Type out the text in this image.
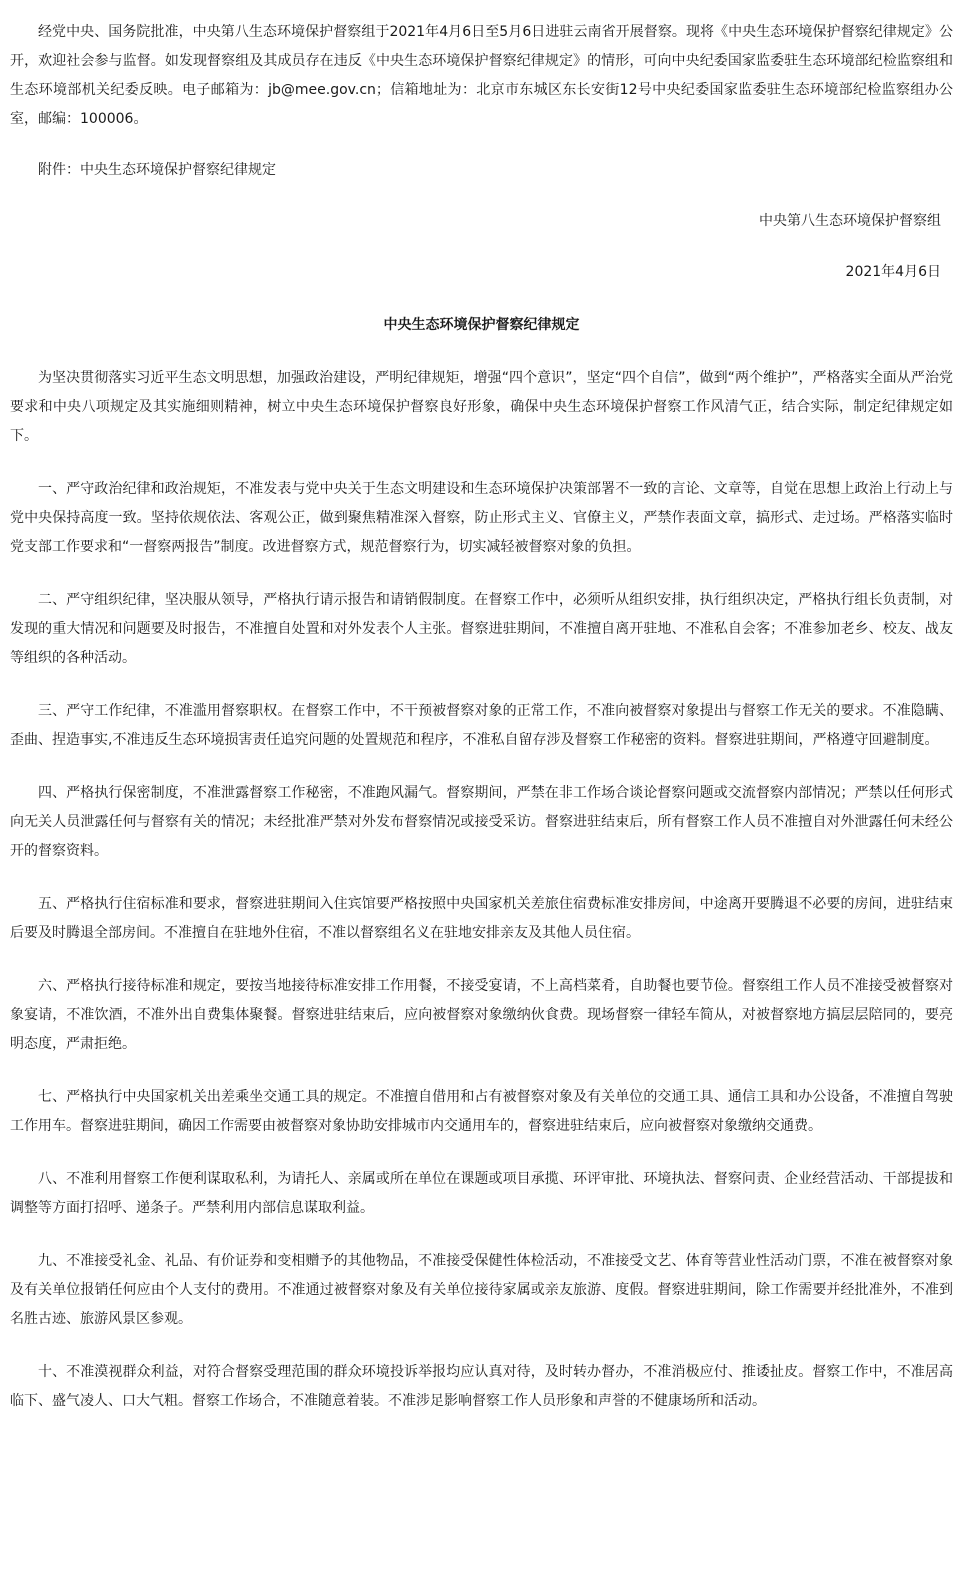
经党中央、国务院批准，中央第八生态环境保护督察组于2021年4月6日至5月6日进驻云南省开展督察。现将《中央生态环境保护督察纪律规定》公开，欢迎社会参与监督。如发现督察组及其成员存在违反《中央生态环境保护督察纪律规定》的情形，可向中央纪委国家监委驻生态环境部纪检监察组和生态环境部机关纪委反映。电子邮箱为：jb@mee.gov.cn；信箱地址为：北京市东城区东长安街12号中央纪委国家监委驻生态环境部纪检监察组办公室，邮编：100006。

附件：中央生态环境保护督察纪律规定

中央第八生态环境保护督察组

2021年4月6日

中央生态环境保护督察纪律规定

为坚决贯彻落实习近平生态文明思想，加强政治建设，严明纪律规矩，增强“四个意识”，坚定“四个自信”，做到“两个维护”，严格落实全面从严治党要求和中央八项规定及其实施细则精神，树立中央生态环境保护督察良好形象，确保中央生态环境保护督察工作风清气正，结合实际，制定纪律规定如下。

一、严守政治纪律和政治规矩，不准发表与党中央关于生态文明建设和生态环境保护决策部署不一致的言论、文章等，自觉在思想上政治上行动上与党中央保持高度一致。坚持依规依法、客观公正，做到聚焦精准深入督察，防止形式主义、官僚主义，严禁作表面文章，搞形式、走过场。严格落实临时党支部工作要求和“一督察两报告”制度。改进督察方式，规范督察行为，切实减轻被督察对象的负担。

二、严守组织纪律，坚决服从领导，严格执行请示报告和请销假制度。在督察工作中，必须听从组织安排，执行组织决定，严格执行组长负责制，对发现的重大情况和问题要及时报告，不准擅自处置和对外发表个人主张。督察进驻期间，不准擅自离开驻地、不准私自会客；不准参加老乡、校友、战友等组织的各种活动。

三、严守工作纪律，不准滥用督察职权。在督察工作中，不干预被督察对象的正常工作，不准向被督察对象提出与督察工作无关的要求。不准隐瞒、歪曲、捏造事实,不准违反生态环境损害责任追究问题的处置规范和程序，不准私自留存涉及督察工作秘密的资料。督察进驻期间，严格遵守回避制度。

四、严格执行保密制度，不准泄露督察工作秘密，不准跑风漏气。督察期间，严禁在非工作场合谈论督察问题或交流督察内部情况；严禁以任何形式向无关人员泄露任何与督察有关的情况；未经批准严禁对外发布督察情况或接受采访。督察进驻结束后，所有督察工作人员不准擅自对外泄露任何未经公开的督察资料。

五、严格执行住宿标准和要求，督察进驻期间入住宾馆要严格按照中央国家机关差旅住宿费标准安排房间，中途离开要腾退不必要的房间，进驻结束后要及时腾退全部房间。不准擅自在驻地外住宿，不准以督察组名义在驻地安排亲友及其他人员住宿。

六、严格执行接待标准和规定，要按当地接待标准安排工作用餐，不接受宴请，不上高档菜肴，自助餐也要节俭。督察组工作人员不准接受被督察对象宴请，不准饮酒，不准外出自费集体聚餐。督察进驻结束后，应向被督察对象缴纳伙食费。现场督察一律轻车简从，对被督察地方搞层层陪同的，要亮明态度，严肃拒绝。

七、严格执行中央国家机关出差乘坐交通工具的规定。不准擅自借用和占有被督察对象及有关单位的交通工具、通信工具和办公设备，不准擅自驾驶工作用车。督察进驻期间，确因工作需要由被督察对象协助安排城市内交通用车的，督察进驻结束后，应向被督察对象缴纳交通费。

八、不准利用督察工作便利谋取私利，为请托人、亲属或所在单位在课题或项目承揽、环评审批、环境执法、督察问责、企业经营活动、干部提拔和调整等方面打招呼、递条子。严禁利用内部信息谋取利益。

九、不准接受礼金、礼品、有价证券和变相赠予的其他物品，不准接受保健性体检活动，不准接受文艺、体育等营业性活动门票，不准在被督察对象及有关单位报销任何应由个人支付的费用。不准通过被督察对象及有关单位接待家属或亲友旅游、度假。督察进驻期间，除工作需要并经批准外，不准到名胜古迹、旅游风景区参观。

十、不准漠视群众利益，对符合督察受理范围的群众环境投诉举报均应认真对待，及时转办督办，不准消极应付、推诿扯皮。督察工作中，不准居高临下、盛气凌人、口大气粗。督察工作场合，不准随意着装。不准涉足影响督察工作人员形象和声誉的不健康场所和活动。
